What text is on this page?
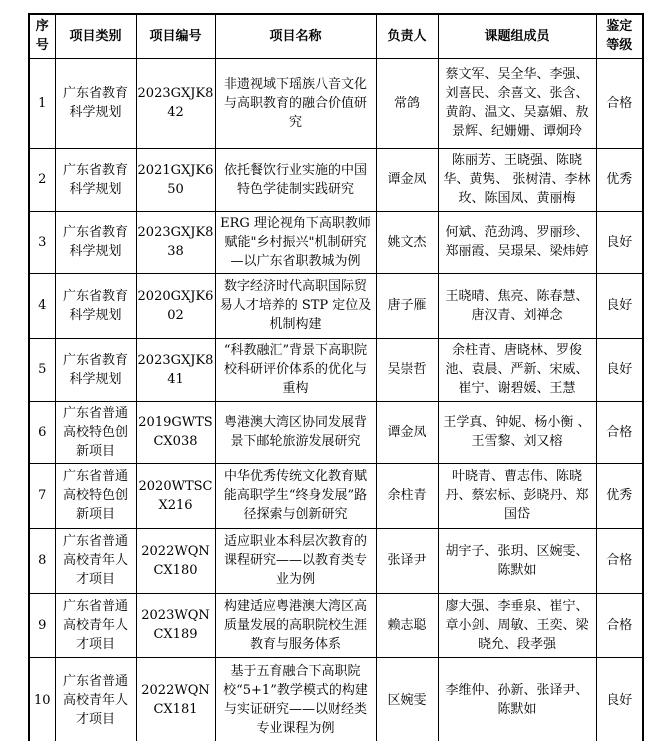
序号	项目类别	项目编号	项目名称	负责人	课题组成员	鉴定等级
1	广东省教育科学规划	2023GXJK842	非遗视域下瑶族八音文化与高职教育的融合价值研究	常鸽	蔡文军、吴全华、李强、刘喜民、余喜文、张含、黄韵、温文、吴嘉媚、敖景辉、纪姗姗、谭炯玲	合格
2	广东省教育科学规划	2021GXJK650	依托餐饮行业实施的中国特色学徒制实践研究	谭金凤	陈丽芳、王晓强、陈晓华、黄隽、 张树清、李林玫、陈国凤、黄丽梅	优秀
3	广东省教育科学规划	2023GXJK838	ERG 理论视角下高职教师赋能"乡村振兴"机制研究—以广东省职教城为例	姚文杰	何斌、范劲鸿、罗丽珍、郑丽霞、吴璟杲、梁炜婷	良好
4	广东省教育科学规划	2020GXJK602	数字经济时代高职国际贸易人才培养的 STP 定位及机制构建	唐子雁	王晓晴、焦亮、陈春慧、唐汉青、刘禅念	良好
5	广东省教育科学规划	2023GXJK841	“科教融汇”背景下高职院校科研评价体系的优化与重构	吴崇哲	余柱青、唐晓林、罗俊池、袁晨、严新、宋威、崔宁、谢碧媛、王慧	良好
6	广东省普通高校特色创新项目	2019GWTSCX038	粤港澳大湾区协同发展背景下邮轮旅游发展研究	谭金凤	王学真、钟妮、杨小衡 、王雪黎、刘又榕	合格
7	广东省普通高校特色创新项目	2020WTSCX216	中华优秀传统文化教育赋能高职学生“终身发展”路径探索与创新研究	余柱青	叶晓青、曹志伟、陈晓丹、蔡宏标、彭晓丹、郑国岱	优秀
8	广东省普通高校青年人才项目	2022WQNCX180	适应职业本科层次教育的课程研究——以教育类专业为例	张译尹	胡宇子、张玥、区婉雯、陈默如	合格
9	广东省普通高校青年人才项目	2023WQNCX189	构建适应粤港澳大湾区高质量发展的高职院校生涯教育与服务体系	赖志聪	廖大强、李垂泉、崔宁、章小剑、周敏、王奕、梁晓允、段孝强	合格
10	广东省普通高校青年人才项目	2022WQNCX181	基于五育融合下高职院校“5+1”教学模式的构建与实证研究——以财经类专业课程为例	区婉雯	李维仲、孙新、张译尹、陈默如	良好
